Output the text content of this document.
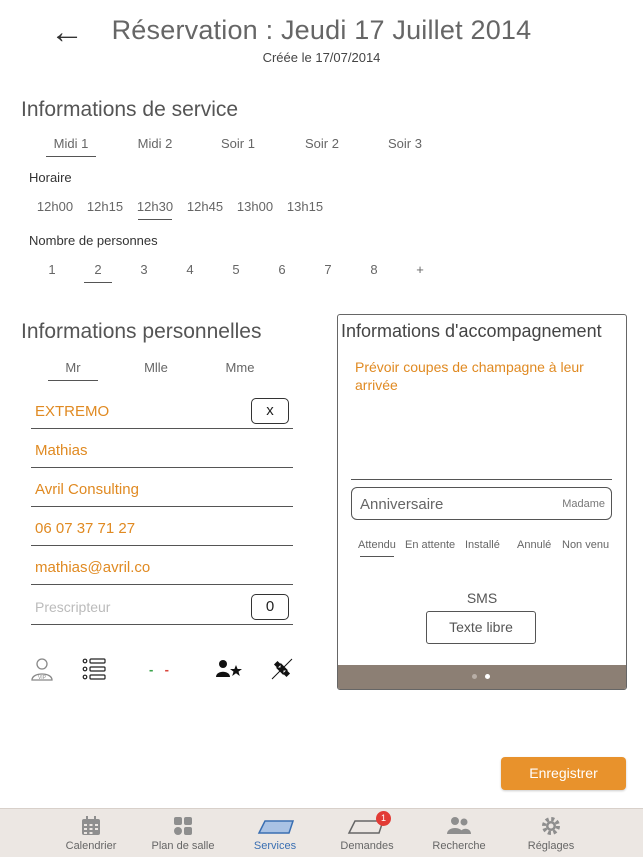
←	Réservation : Jeudi 17 Juillet 2014
Créée le 17/07/2014
Informations de service
Midi 1	Midi 2	Soir 1	Soir 2	Soir 3
Horaire
12h00 12h15 12h30 12h45 13h00 13h15
Nombre de personnes
1	2	3	4	5	6	7	8	+
Informations personnelles
Mr	Mlle	Mme
EXTREMO	x
Mathias
Avril Consulting
06 07 37 71 27
mathias@avril.co
Prescripteur	0
VIP
- _ -
Informations d'accompagnement
Prévoir coupes de champagne à leur arrivée
Anniversaire	Madame
Attendu En attente Installé Annulé Non venu
SMS
Texte libre
Enregistrer
Calendrier	Plan de salle	Services
1
Demandes	Recherche	Réglages
